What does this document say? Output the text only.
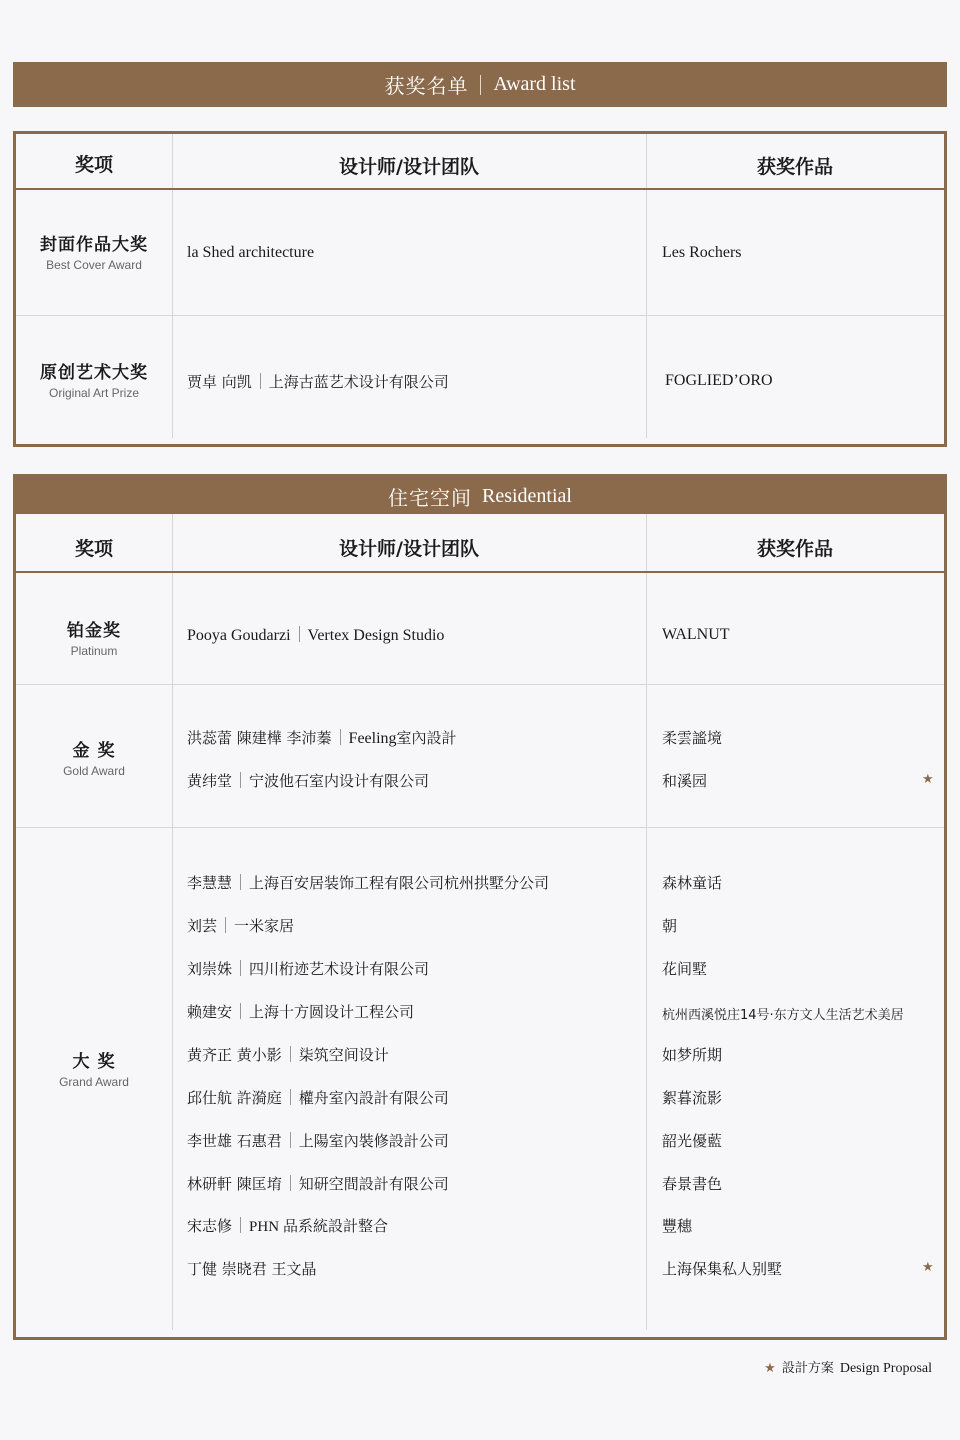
获奖名单 Award list
奖项	设计师/设计团队	获奖作品
封面作品大奖
Best Cover Award
la Shed architecture	Les Rochers
原创艺术大奖
Original Art Prize
贾卓 向凯 上海古蓝艺术设计有限公司	FOGLIED’ORO
住宅空间 Residential
奖项	设计师/设计团队	获奖作品
铂金奖
Platinum
Pooya Goudarzi Vertex Design Studio	WALNUT
金 奖
Gold Award
洪蕊蕾 陳建樺 李沛蓁 Feeling室內設計	柔雲謐境
黄纬堂 宁波他石室内设计有限公司	和溪园	★
大 奖
Grand Award
李慧慧 上海百安居装饰工程有限公司杭州拱墅分公司	森林童话
刘芸 一米家居	朝
刘崇姝 四川桁迹艺术设计有限公司	花间墅
赖建安 上海十方圆设计工程公司	杭州西溪悦庄14号·东方文人生活艺术美居
黄齐正 黄小影 柒筑空间设计	如梦所期
邱仕航 許漪庭 權舟室內設計有限公司	絮暮流影
李世雄 石惠君 上陽室內裝修設計公司	韶光優藍
林研軒 陳匡堉 知研空間設計有限公司	春景書色
宋志修 PHN 品系統設計整合	豐穗
丁健 崇晓君 王文晶	上海保集私人别墅	★
★ 設計方案 Design Proposal
